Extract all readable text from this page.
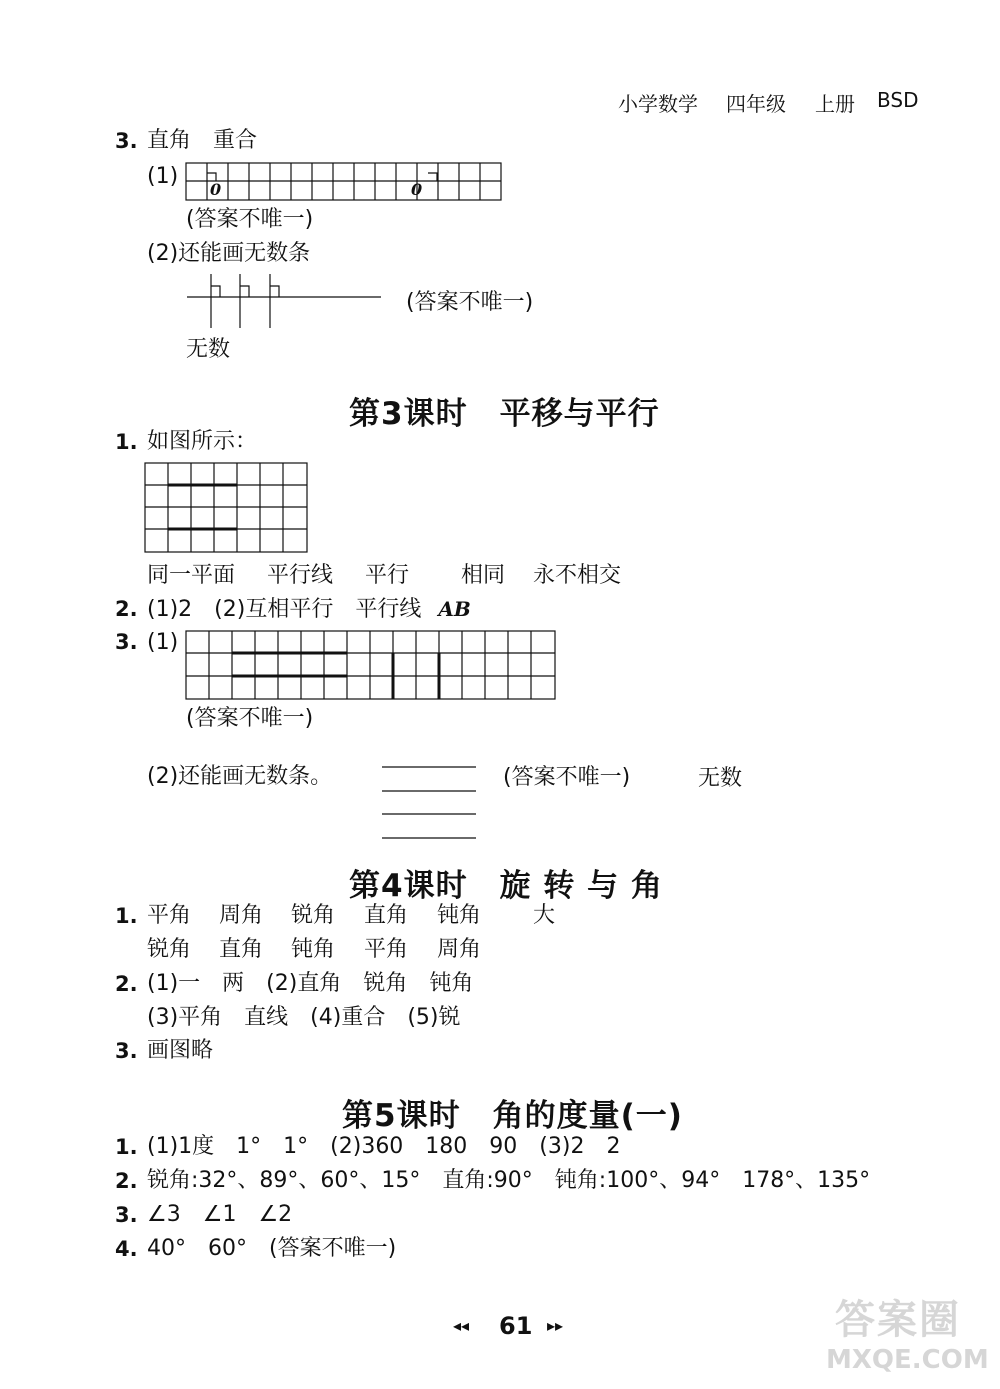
小学数学 四年级 上册 BSD
3. 直角　重合
(1)
0	0
(答案不唯一)
(2)还能画无数条
(答案不唯一)
无数
第3课时　平移与平行
1. 如图所示：
同一平面 平行线 平行 相同 永不相交
2. (1)2　(2)互相平行　平行线 AB
3. (1)
(答案不唯一)
(2)还能画无数条。	(答案不唯一)	无数
第4课时　旋 转 与 角
1. 平角 周角 锐角 直角 钝角 大
锐角 直角 钝角 平角 周角
2. (1)一　两　(2)直角　锐角　钝角
(3)平角　直线　(4)重合　(5)锐
3. 画图略
第5课时　角的度量(一)
1. (1)1度　1°　1°　(2)360　180　90　(3)2　2
2. 锐角:32°、89°、60°、15°　直角:90°　钝角:100°、94°　178°、135°
3. ∠3　∠1　∠2
4. 40°　60°　(答案不唯一)
◂◂ 61 ▸▸	答案圈
MXQE.COM
